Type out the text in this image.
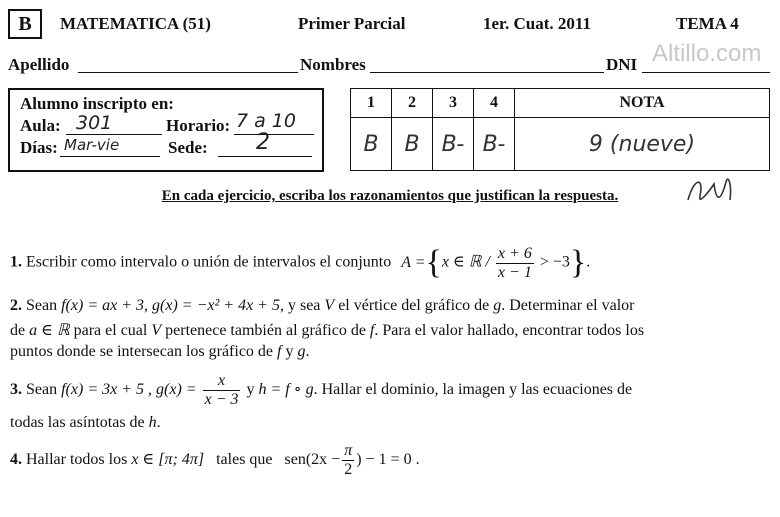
B	MATEMATICA (51)	Primer Parcial	1er. Cuat. 2011	TEMA 4
Altillo.com
Apellido	Nombres	DNI
Alumno inscripto en:
Aula: 301	Horario: 7 a 10
Días: Mar-vie	Sede: 2
1	2	3	4	NOTA
B	B	B-	B-	9 (nueve)
En cada ejercicio, escriba los razonamientos que justifican la respuesta.
1. Escribir como intervalo o unión de intervalos el conjunto A ={x ∈ ℝ / $\frac{x + 6}{x - 1} > -3$}.
2. Sean f(x) = ax + 3, g(x) = −x² + 4x + 5, y sea V el vértice del gráfico de g. Determinar el valor
de a ∈ ℝ para el cual V pertenece también al gráfico de f. Para el valor hallado, encontrar todos los
puntos donde se intersecan los gráfico de f y g.
3. Sean f(x) = 3x + 5 , $g(x) = \frac{x}{x - 3}$ y h = f ∘ g. Hallar el dominio, la imagen y las ecuaciones de
todas las asíntotas de h.
4. Hallar todos los x ∈ [π; 4π] tales que $sen(2x - \frac{\pi}{2}$ ) − 1 = 0 .
